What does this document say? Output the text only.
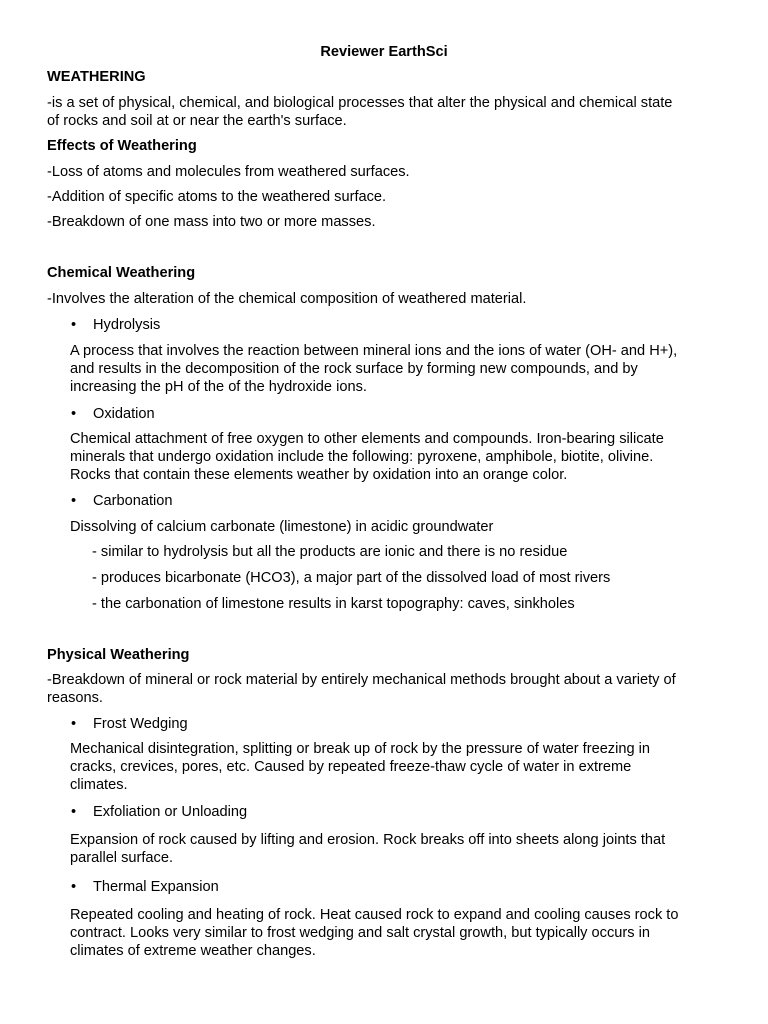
Reviewer EarthSci
WEATHERING
-is a set of physical, chemical, and biological processes that alter the physical and chemical state
of rocks and soil at or near the earth's surface.
Effects of Weathering
-Loss of atoms and molecules from weathered surfaces.
-Addition of specific atoms to the weathered surface.
-Breakdown of one mass into two or more masses.
Chemical Weathering
-Involves the alteration of the chemical composition of weathered material.
• Hydrolysis
A process that involves the reaction between mineral ions and the ions of water (OH- and H+),
and results in the decomposition of the rock surface by forming new compounds, and by
increasing the pH of the of the hydroxide ions.
• Oxidation
Chemical attachment of free oxygen to other elements and compounds. Iron-bearing silicate
minerals that undergo oxidation include the following: pyroxene, amphibole, biotite, olivine.
Rocks that contain these elements weather by oxidation into an orange color.
• Carbonation
Dissolving of calcium carbonate (limestone) in acidic groundwater
- similar to hydrolysis but all the products are ionic and there is no residue
- produces bicarbonate (HCO3), a major part of the dissolved load of most rivers
- the carbonation of limestone results in karst topography: caves, sinkholes
Physical Weathering
-Breakdown of mineral or rock material by entirely mechanical methods brought about a variety of
reasons.
• Frost Wedging
Mechanical disintegration, splitting or break up of rock by the pressure of water freezing in
cracks, crevices, pores, etc. Caused by repeated freeze-thaw cycle of water in extreme
climates.
• Exfoliation or Unloading
Expansion of rock caused by lifting and erosion. Rock breaks off into sheets along joints that
parallel surface.
• Thermal Expansion
Repeated cooling and heating of rock. Heat caused rock to expand and cooling causes rock to
contract. Looks very similar to frost wedging and salt crystal growth, but typically occurs in
climates of extreme weather changes.
